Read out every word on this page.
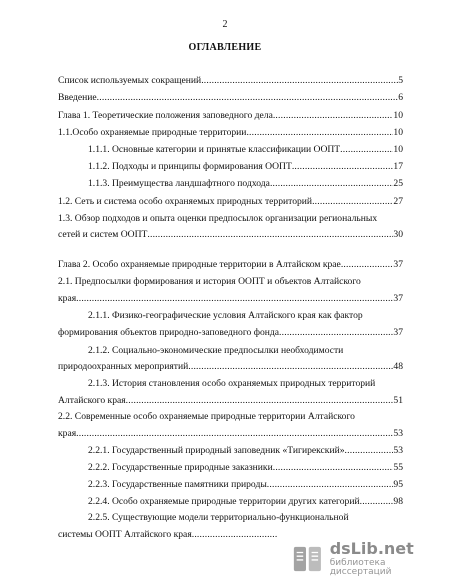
2
ОГЛАВЛЕНИЕ
Список используемых сокращений .....	5
Введение .....	6
Глава 1. Теоретические положения заповедного дела .....	10
1.1.Особо охраняемые природные территории .....	10
1.1.1. Основные категории и принятые классификации ООПТ .....	10
1.1.2. Подходы и принципы формирования ООПТ .....	17
1.1.3. Преимущества ландшафтного подхода .....	25
1.2. Сеть и система особо охраняемых природных территорий .....	27
1.3. Обзор подходов и опыта оценки предпосылок организации региональных
сетей и систем ООПТ .....	30
Глава 2. Особо охраняемые природные территории в Алтайском крае .....	37
2.1. Предпосылки формирования и история ООПТ и объектов Алтайского
края .....	37
2.1.1. Физико-географические условия Алтайского края как фактор
формирования объектов природно-заповедного фонда .....	37
2.1.2. Социально-экономические предпосылки необходимости
природоохранных мероприятий .....	48
2.1.3. История становления особо охраняемых природных территорий
Алтайского края .....	51
2.2. Современные особо охраняемые природные территории Алтайского
края .....	53
2.2.1. Государственный природный заповедник «Тигирекский» .....	53
2.2.2. Государственные природные заказники .....	55
2.2.3. Государственные памятники природы .....	95
2.2.4. Особо охраняемые природные территории других категорий .....	98
2.2.5. Существующие модели территориально-функциональной
системы ООПТ Алтайского края
.....
dsLib.net
библиотека диссертаций
